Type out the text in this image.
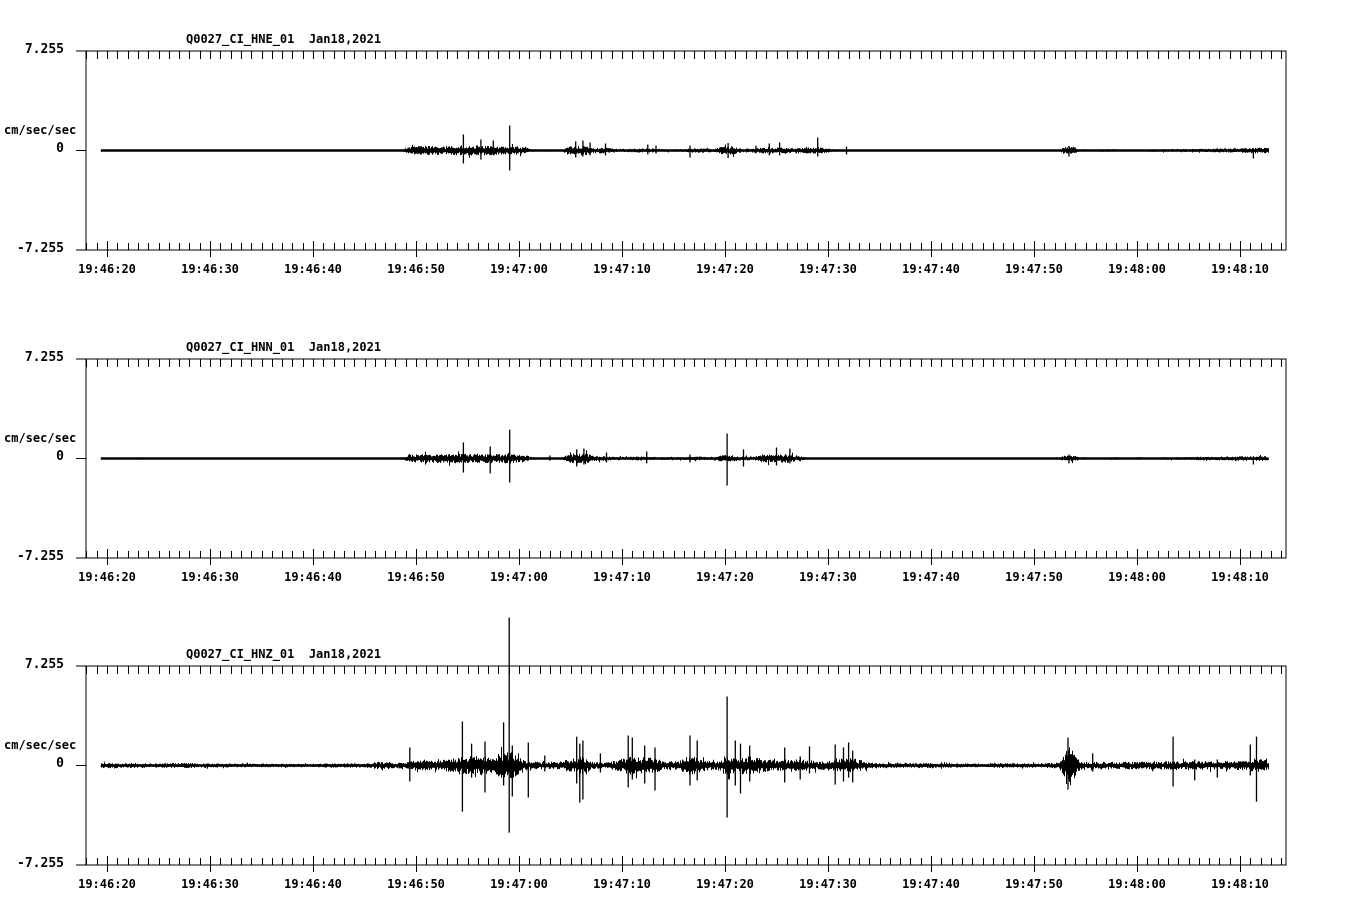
Q0027_CI_HNE_01  Jan18,2021
7.255
cm/sec/sec
0
-7.255
Q0027_CI_HNN_01  Jan18,2021
7.255
cm/sec/sec
0
-7.255
Q0027_CI_HNZ_01  Jan18,2021
7.255
cm/sec/sec
0
-7.255
19:46:20	19:46:30	19:46:40	19:46:50	19:47:00	19:47:10	19:47:20	19:47:30	19:47:40	19:47:50	19:48:00	19:48:10
19:46:20	19:46:30	19:46:40	19:46:50	19:47:00	19:47:10	19:47:20	19:47:30	19:47:40	19:47:50	19:48:00	19:48:10
19:46:20	19:46:30	19:46:40	19:46:50	19:47:00	19:47:10	19:47:20	19:47:30	19:47:40	19:47:50	19:48:00	19:48:10
